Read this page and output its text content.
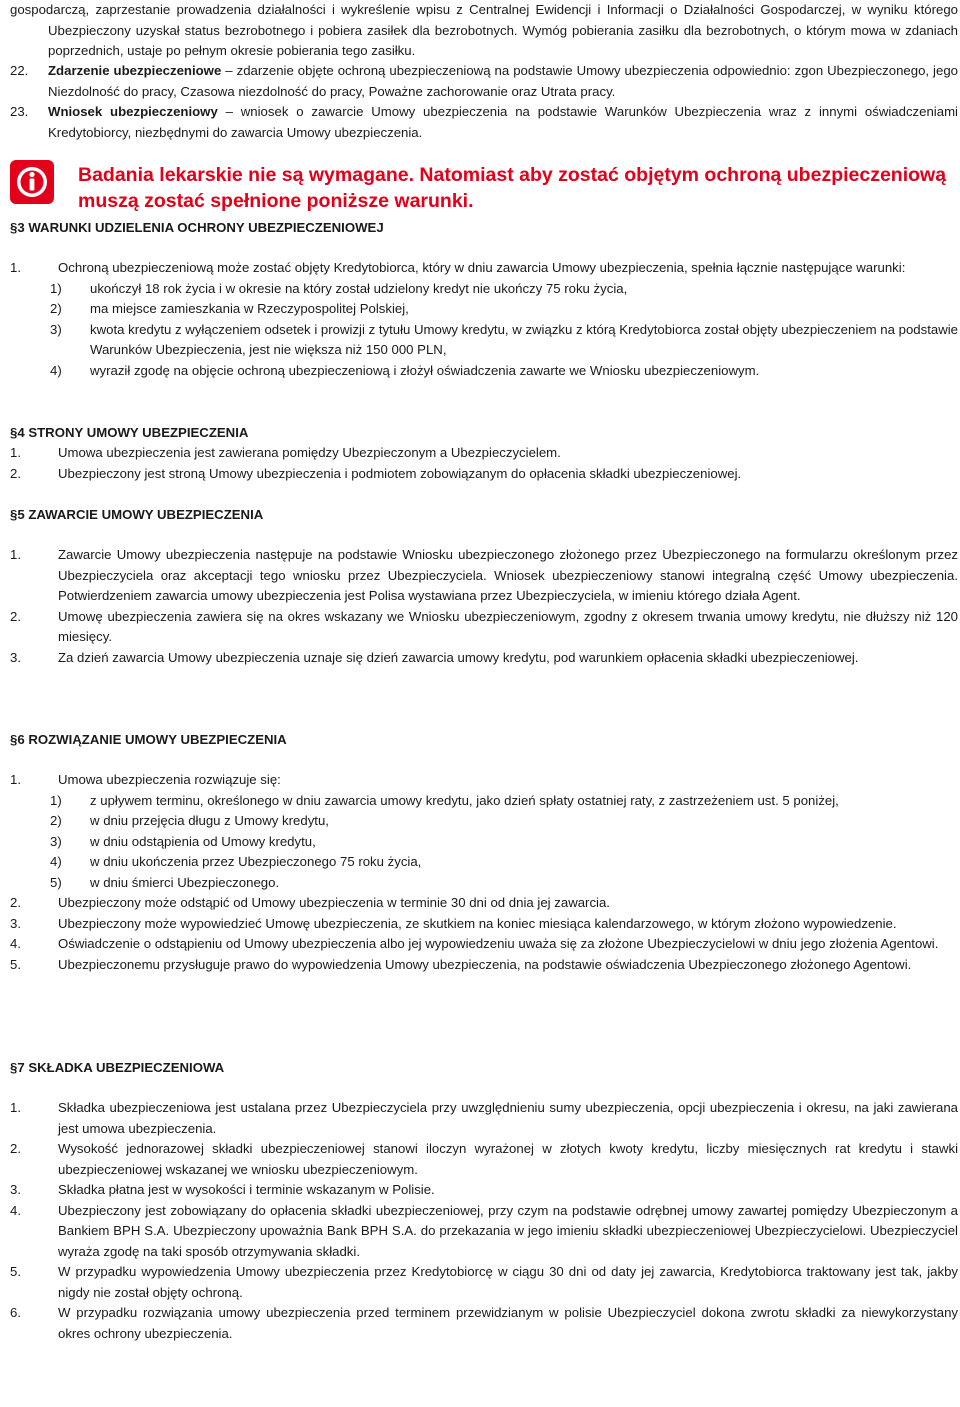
gospodarczą, zaprzestanie prowadzenia działalności i wykreślenie wpisu z Centralnej Ewidencji i Informacji o Działalności Gospodarczej, w wyniku którego Ubezpieczony uzyskał status bezrobotnego i pobiera zasiłek dla bezrobotnych. Wymóg pobierania zasiłku dla bezrobotnych, o którym mowa w zdaniach poprzednich, ustaje po pełnym okresie pobierania tego zasiłku.
22.	Zdarzenie ubezpieczeniowe – zdarzenie objęte ochroną ubezpieczeniową na podstawie Umowy ubezpieczenia odpowiednio: zgon Ubezpieczonego, jego Niezdolność do pracy, Czasowa niezdolność do pracy, Poważne zachorowanie oraz Utrata pracy.
23.	Wniosek ubezpieczeniowy – wniosek o zawarcie Umowy ubezpieczenia na podstawie Warunków Ubezpieczenia wraz z innymi oświadczeniami Kredytobiorcy, niezbędnymi do zawarcia Umowy ubezpieczenia.
Badania lekarskie nie są wymagane. Natomiast aby zostać objętym ochroną ubezpieczeniową muszą zostać spełnione poniższe warunki.
§3 WARUNKI UDZIELENIA OCHRONY UBEZPIECZENIOWEJ
1.	Ochroną ubezpieczeniową może zostać objęty Kredytobiorca, który w dniu zawarcia Umowy ubezpieczenia, spełnia łącznie następujące warunki:
1)	ukończył 18 rok życia i w okresie na który został udzielony kredyt nie ukończy 75 roku życia,
2)	ma miejsce zamieszkania w Rzeczypospolitej Polskiej,
3)	kwota kredytu z wyłączeniem odsetek i prowizji z tytułu Umowy kredytu, w związku z którą Kredytobiorca został objęty ubezpieczeniem na podstawie Warunków Ubezpieczenia, jest nie większa niż 150 000 PLN,
4)	wyraził zgodę na objęcie ochroną ubezpieczeniową i złożył oświadczenia zawarte we Wniosku ubezpieczeniowym.
§4 STRONY UMOWY UBEZPIECZENIA
1.	Umowa ubezpieczenia jest zawierana pomiędzy Ubezpieczonym a Ubezpieczycielem.
2.	Ubezpieczony jest stroną Umowy ubezpieczenia i podmiotem zobowiązanym do opłacenia składki ubezpieczeniowej.
§5 ZAWARCIE UMOWY UBEZPIECZENIA
1.	Zawarcie Umowy ubezpieczenia następuje na podstawie Wniosku ubezpieczonego złożonego przez Ubezpieczonego na formularzu określonym przez Ubezpieczyciela oraz akceptacji tego wniosku przez Ubezpieczyciela. Wniosek ubezpieczeniowy stanowi integralną część Umowy ubezpieczenia. Potwierdzeniem zawarcia umowy ubezpieczenia jest Polisa wystawiana przez Ubezpieczyciela, w imieniu którego działa Agent.
2.	Umowę ubezpieczenia zawiera się na okres wskazany we Wniosku ubezpieczeniowym, zgodny z okresem trwania umowy kredytu, nie dłuższy niż 120 miesięcy.
3.	Za dzień zawarcia Umowy ubezpieczenia uznaje się dzień zawarcia umowy kredytu, pod warunkiem opłacenia składki ubezpieczeniowej.
§6 ROZWIĄZANIE UMOWY UBEZPIECZENIA
1.	Umowa ubezpieczenia rozwiązuje się:
1)	z upływem terminu, określonego w dniu zawarcia umowy kredytu, jako dzień spłaty ostatniej raty, z zastrzeżeniem ust. 5 poniżej,
2)	w dniu przejęcia długu z Umowy kredytu,
3)	w dniu odstąpienia od Umowy kredytu,
4)	w dniu ukończenia przez Ubezpieczonego 75 roku życia,
5)	w dniu śmierci Ubezpieczonego.
2.	Ubezpieczony może odstąpić od Umowy ubezpieczenia w terminie 30 dni od dnia jej zawarcia.
3.	Ubezpieczony może wypowiedzieć Umowę ubezpieczenia, ze skutkiem na koniec miesiąca kalendarzowego, w którym złożono wypowiedzenie.
4.	Oświadczenie o odstąpieniu od Umowy ubezpieczenia albo jej wypowiedzeniu uważa się za złożone Ubezpieczycielowi w dniu jego złożenia Agentowi.
5.	Ubezpieczonemu przysługuje prawo do wypowiedzenia Umowy ubezpieczenia, na podstawie oświadczenia Ubezpieczonego złożonego Agentowi.
§7 SKŁADKA UBEZPIECZENIOWA
1.	Składka ubezpieczeniowa jest ustalana przez Ubezpieczyciela przy uwzględnieniu sumy ubezpieczenia, opcji ubezpieczenia i okresu, na jaki zawierana jest umowa ubezpieczenia.
2.	Wysokość jednorazowej składki ubezpieczeniowej stanowi iloczyn wyrażonej w złotych kwoty kredytu, liczby miesięcznych rat kredytu i stawki ubezpieczeniowej wskazanej we wniosku ubezpieczeniowym.
3.	Składka płatna jest w wysokości i terminie wskazanym w Polisie.
4.	Ubezpieczony jest zobowiązany do opłacenia składki ubezpieczeniowej, przy czym na podstawie odrębnej umowy zawartej pomiędzy Ubezpieczonym a Bankiem BPH S.A. Ubezpieczony upoważnia Bank BPH S.A. do przekazania w jego imieniu składki ubezpieczeniowej Ubezpieczycielowi. Ubezpieczyciel wyraża zgodę na taki sposób otrzymywania składki.
5.	W przypadku wypowiedzenia Umowy ubezpieczenia przez Kredytobiorcę w ciągu 30 dni od daty jej zawarcia, Kredytobiorca traktowany jest tak, jakby nigdy nie został objęty ochroną.
6.	W przypadku rozwiązania umowy ubezpieczenia przed terminem przewidzianym w polisie Ubezpieczyciel dokona zwrotu składki za niewykorzystany okres ochrony ubezpieczenia.
